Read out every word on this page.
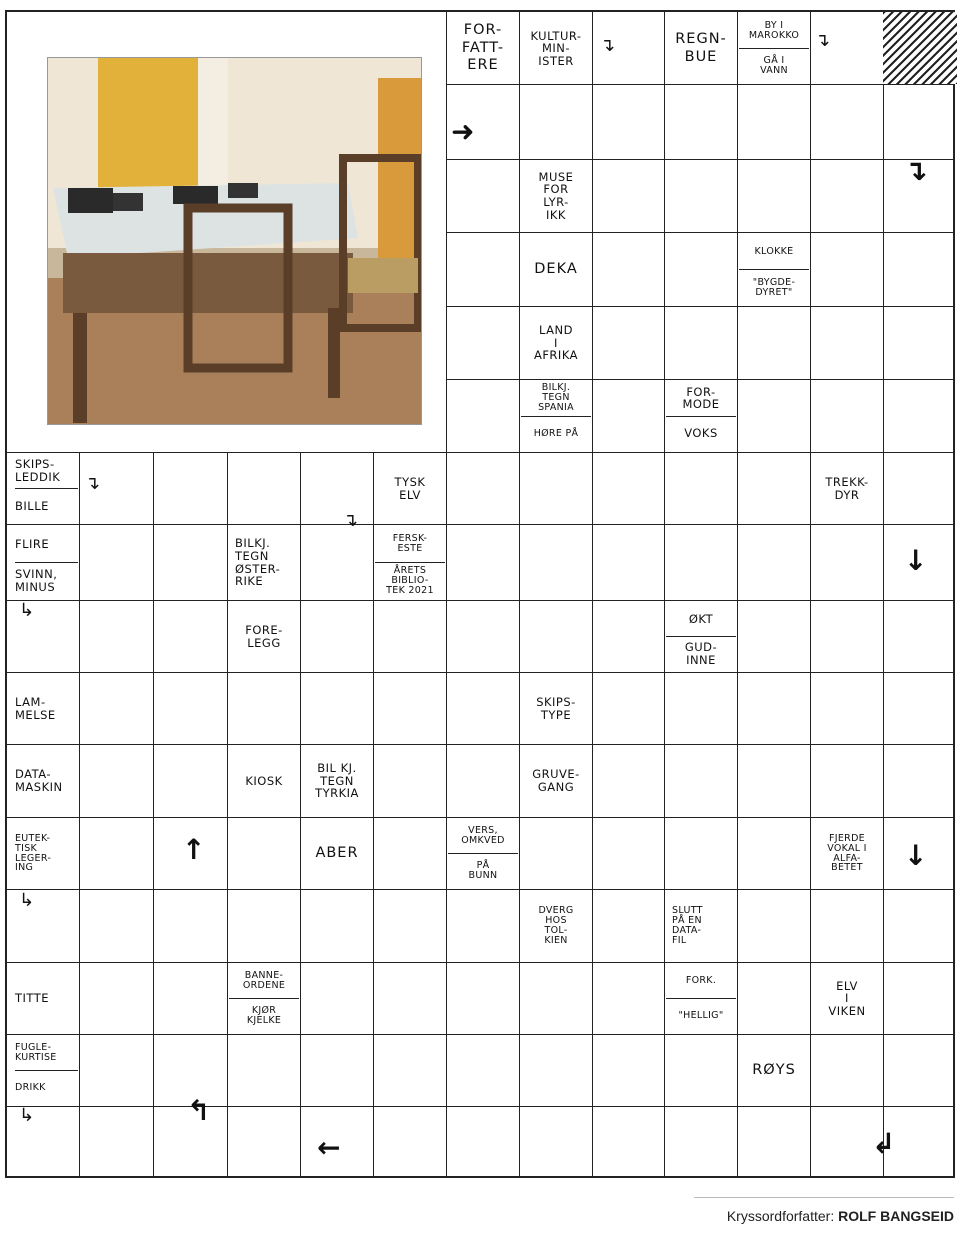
FOR-
FATT-
ERE
KULTUR-
MIN-
ISTER
REGN-
BUE
BY I
MAROKKO
GÅ I
VANN
MUSE
FOR
LYR-
IKK
DEKA
KLOKKE
"BYGDE-
DYRET"
LAND
I
AFRIKA
BILKJ.
TEGN
SPANIA
HØRE PÅ
FOR-
MODE
VOKS
SKIPS-
LEDDIK
BILLE
TYSK
ELV
TREKK-
DYR
FLIRE
SVINN,
MINUS
BILKJ.
TEGN
ØSTER-
RIKE
FERSK-
ESTE
ÅRETS
BIBLIO-
TEK 2021
FORE-
LEGG
ØKT
GUD-
INNE
LAM-
MELSE
SKIPS-
TYPE
DATA-
MASKIN	KIOSK
BIL KJ.
TEGN
TYRKIA
GRUVE-
GANG
EUTEK-
TISK
LEGER-
ING
ABER
VERS,
OMKVED
PÅ
BUNN
FJERDE
VOKAL I
ALFA-
BETET
DVERG
HOS
TOL-
KIEN
SLUTT
PÅ EN
DATA-
FIL
TITTE
BANNE-
ORDENE
KJØR
KJELKE
FORK.
"HELLIG"
ELV
I
VIKEN
FUGLE-
KURTISE
DRIKK
RØYS
➜
↴
↴	↴
↴
↴
↓
↳
↑	↓
↳
↳	↰
←	↲
Kryssordforfatter: ROLF BANGSEID
